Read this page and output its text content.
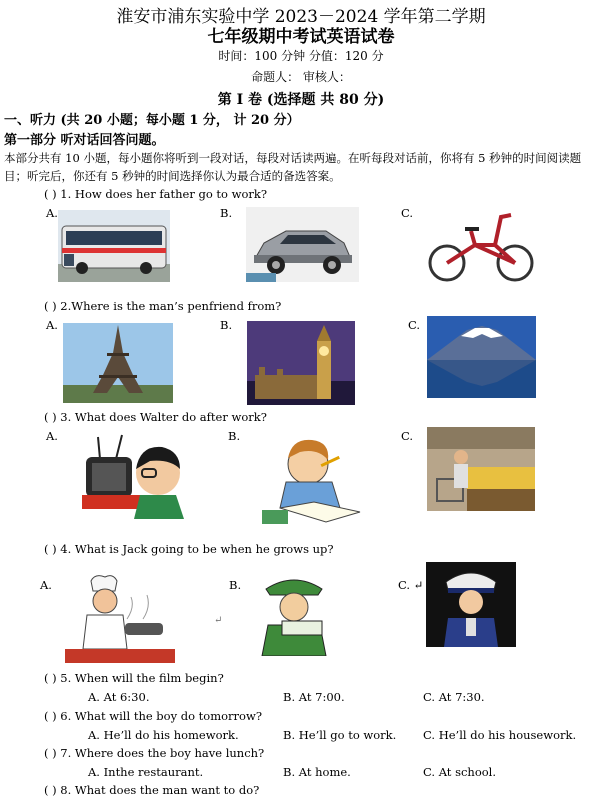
淮安市浦东实验中学 2023－2024 学年第二学期
七年级期中考试英语试卷
时间：100 分钟 分值：120 分
命题人： 审核人：
第 I 卷 (选择题 共 80 分)
一、听力 (共 20 小题；每小题 1 分， 计 20 分）
第一部分 听对话回答问题。
本部分共有 10 小题，每小题你将听到一段对话，每段对话读两遍。在听每段对话前，你将有 5 秒钟的时间阅读题目；听完后，你还有 5 秒钟的时间选择你认为最合适的备选答案。
( ) 1. How does her father go to work?
A.	B.	C.
( ) 2.Where is the man’s penfriend from?
A.	B.	C.
( ) 3. What does Walter do after work?
A.	B.	C.
( ) 4. What is Jack going to be when he grows up?
A.	B.	C. ↵
↵
( ) 5. When will the film begin?
A. At 6:30.	B. At 7:00.	C. At 7:30.
( ) 6. What will the boy do tomorrow?
A. He’ll do his homework.	B. He’ll go to work. C. He’ll do his housework.
( ) 7. Where does the boy have lunch?
A. Inthe restaurant.	B. At home.	C. At school.
( ) 8. What does the man want to do?
